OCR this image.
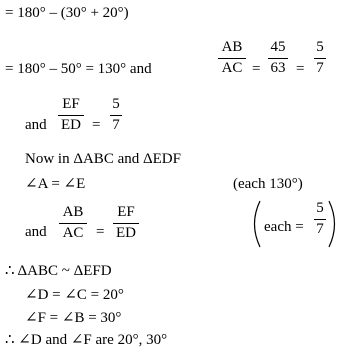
= 180° – (30° + 20°)
= 180° – 50° = 130° and
AB
AC =
45
63 =
5
7
and
EF
ED =
5
7
Now in ΔABC and ΔEDF
∠A = ∠E	(each 130°)
and
AB
AC =
EF
ED	each =
5
7
∴ ΔABC ~ ΔEFD
∠D = ∠C = 20°
∠F = ∠B = 30°
∴ ∠D and ∠F are 20°, 30°
